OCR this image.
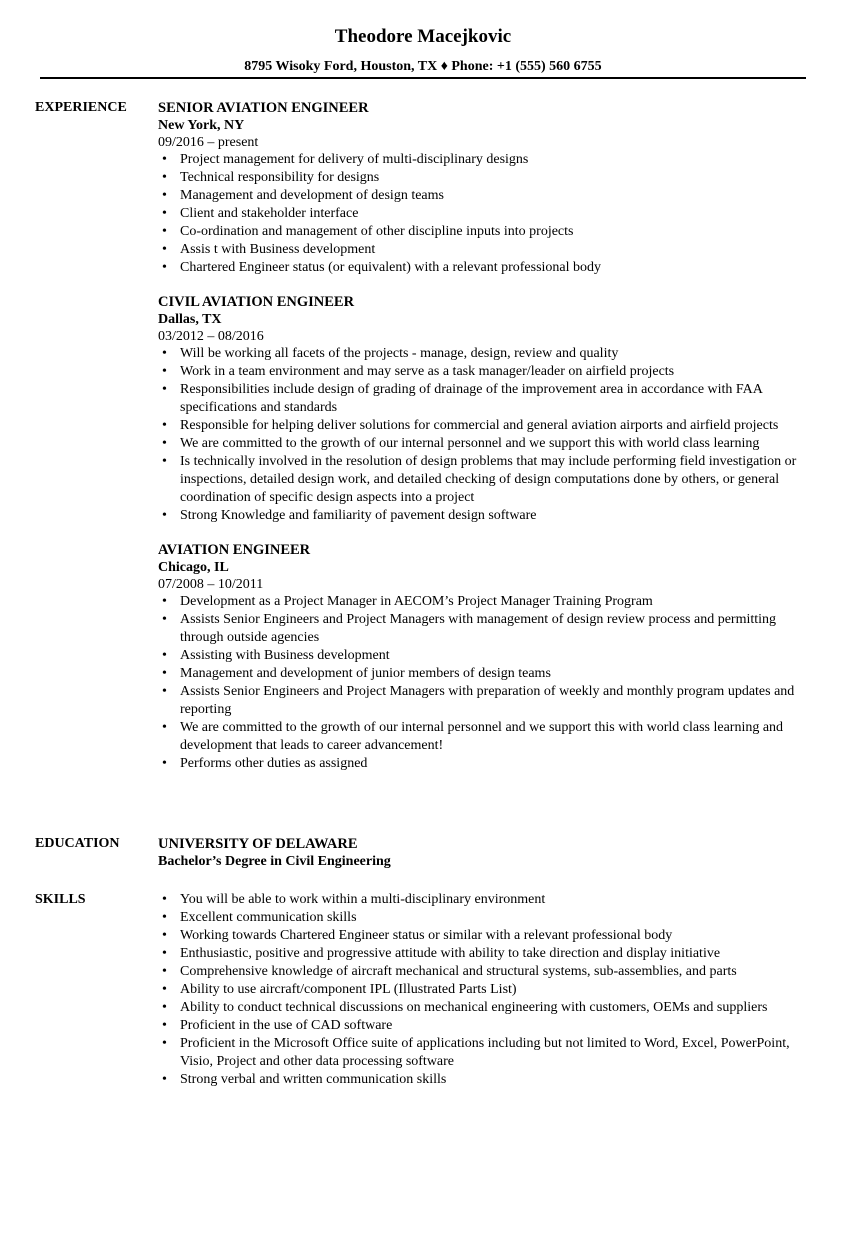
Theodore Macejkovic
8795 Wisoky Ford, Houston, TX ♦ Phone: +1 (555) 560 6755
EXPERIENCE SENIOR AVIATION ENGINEER
New York, NY
09/2016 – present
• Project management for delivery of multi-disciplinary designs
• Technical responsibility for designs
• Management and development of design teams
• Client and stakeholder interface
• Co-ordination and management of other discipline inputs into projects
• Assis t with Business development
• Chartered Engineer status (or equivalent) with a relevant professional body
CIVIL AVIATION ENGINEER
Dallas, TX
03/2012 – 08/2016
• Will be working all facets of the projects - manage, design, review and quality
• Work in a team environment and may serve as a task manager/leader on airfield projects
• Responsibilities include design of grading of drainage of the improvement area in accordance with FAA specifications and standards
• Responsible for helping deliver solutions for commercial and general aviation airports and airfield projects
• We are committed to the growth of our internal personnel and we support this with world class learning
• Is technically involved in the resolution of design problems that may include performing field investigation or inspections, detailed design work, and detailed checking of design computations done by others, or general coordination of specific design aspects into a project
• Strong Knowledge and familiarity of pavement design software
AVIATION ENGINEER
Chicago, IL
07/2008 – 10/2011
• Development as a Project Manager in AECOM’s Project Manager Training Program
• Assists Senior Engineers and Project Managers with management of design review process and permitting through outside agencies
• Assisting with Business development
• Management and development of junior members of design teams
• Assists Senior Engineers and Project Managers with preparation of weekly and monthly program updates and reporting
• We are committed to the growth of our internal personnel and we support this with world class learning and development that leads to career advancement!
• Performs other duties as assigned
EDUCATION	UNIVERSITY OF DELAWARE
Bachelor’s Degree in Civil Engineering
SKILLS	• You will be able to work within a multi-disciplinary environment
• Excellent communication skills
• Working towards Chartered Engineer status or similar with a relevant professional body
• Enthusiastic, positive and progressive attitude with ability to take direction and display initiative
• Comprehensive knowledge of aircraft mechanical and structural systems, sub-assemblies, and parts
• Ability to use aircraft/component IPL (Illustrated Parts List)
• Ability to conduct technical discussions on mechanical engineering with customers, OEMs and suppliers
• Proficient in the use of CAD software
• Proficient in the Microsoft Office suite of applications including but not limited to Word, Excel, PowerPoint, Visio, Project and other data processing software
• Strong verbal and written communication skills
